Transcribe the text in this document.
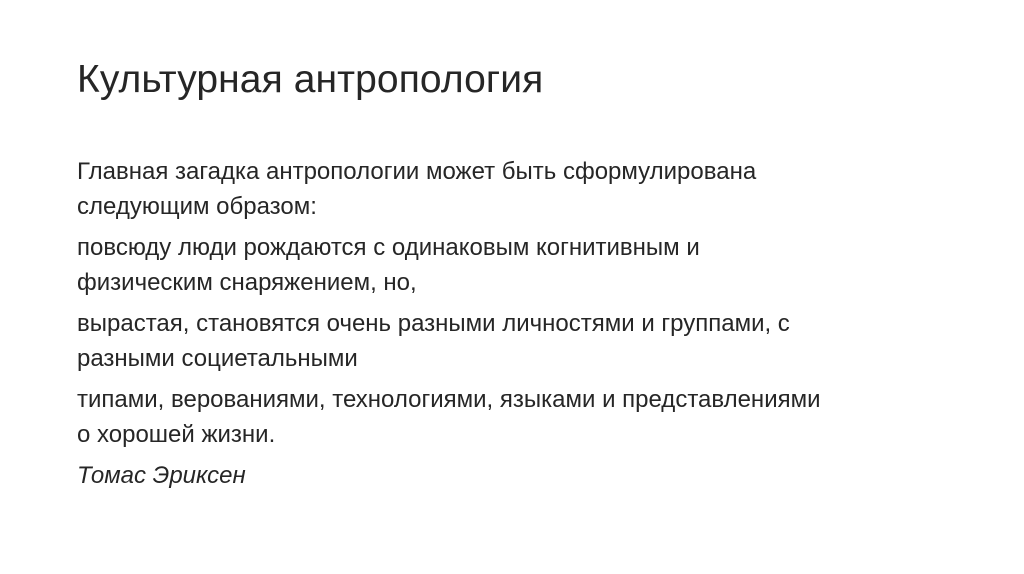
Культурная антропология

Главная загадка антропологии может быть сформулирована
следующим образом:

повсюду люди рождаются с одинаковым когнитивным и
физическим снаряжением, но,

вырастая, становятся очень разными личностями и группами, с
разными социетальными

типами, верованиями, технологиями, языками и представлениями
о хорошей жизни.

Томас Эриксен
